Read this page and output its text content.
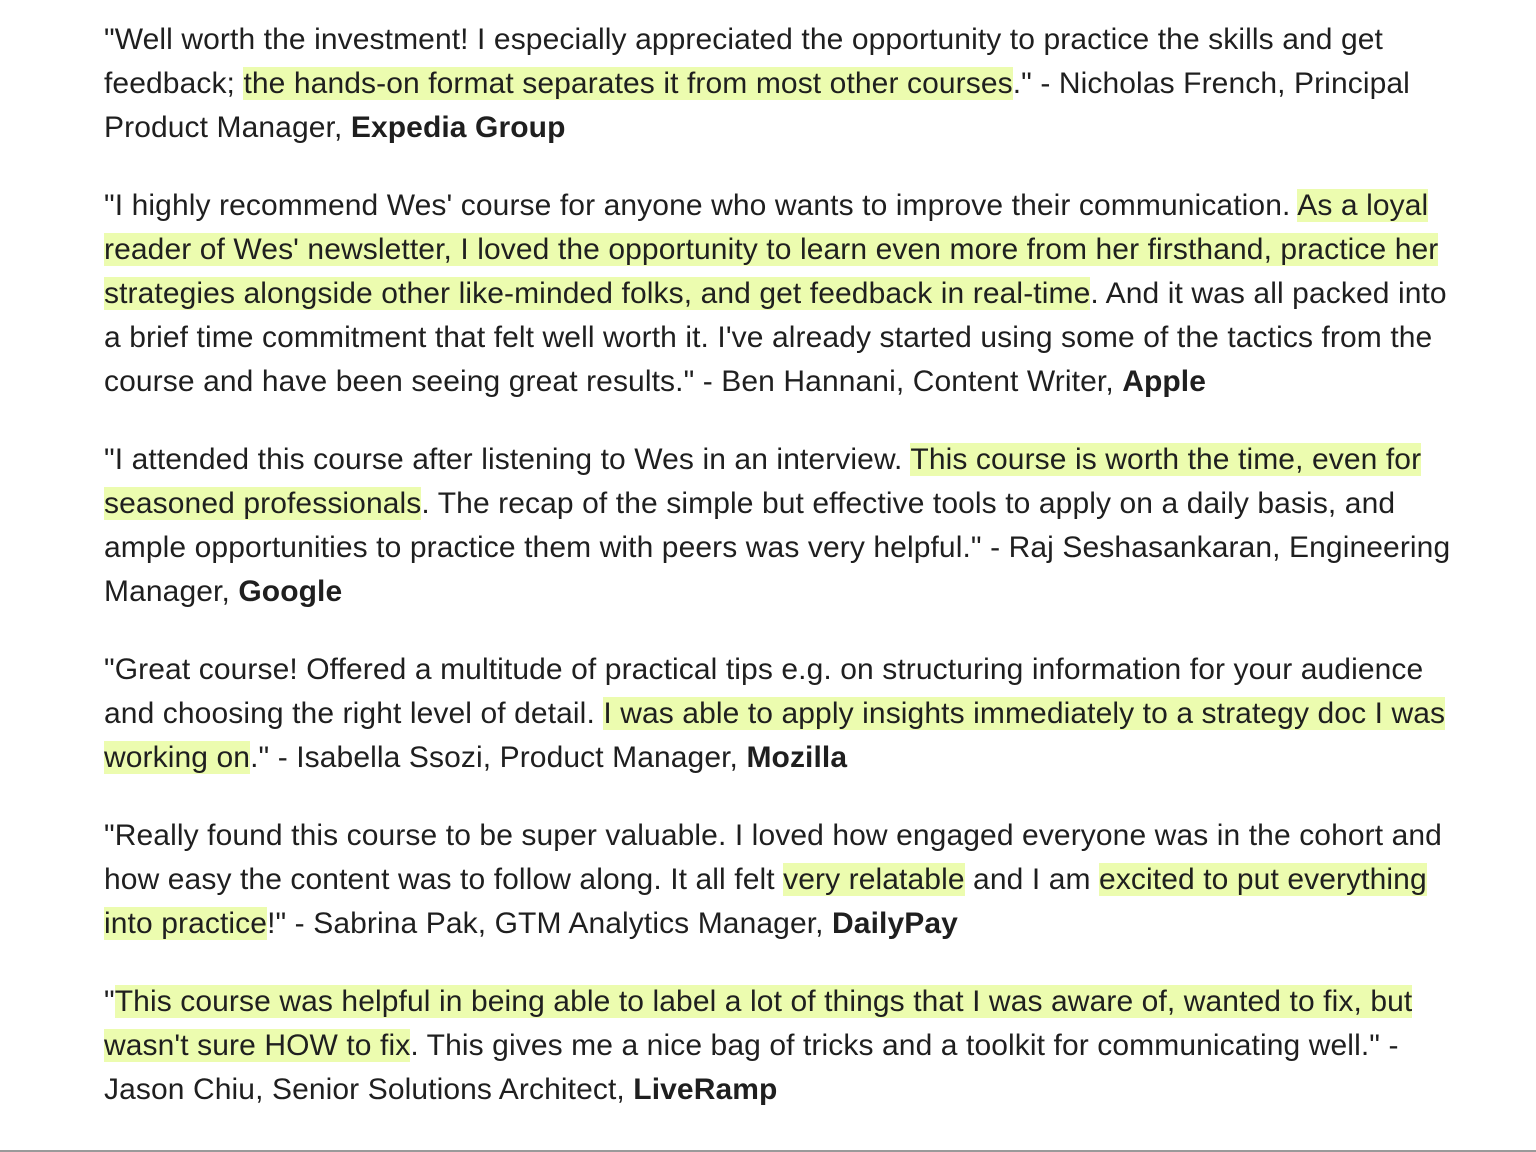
"Well worth the investment! I especially appreciated the opportunity to practice the skills and get feedback; the hands-on format separates it from most other courses." - Nicholas French, Principal Product Manager, Expedia Group

"I highly recommend Wes' course for anyone who wants to improve their communication. As a loyal reader of Wes' newsletter, I loved the opportunity to learn even more from her firsthand, practice her strategies alongside other like-minded folks, and get feedback in real-time. And it was all packed into a brief time commitment that felt well worth it. I've already started using some of the tactics from the course and have been seeing great results." - Ben Hannani, Content Writer, Apple

"I attended this course after listening to Wes in an interview. This course is worth the time, even for seasoned professionals. The recap of the simple but effective tools to apply on a daily basis, and ample opportunities to practice them with peers was very helpful." - Raj Seshasankaran, Engineering Manager, Google

"Great course! Offered a multitude of practical tips e.g. on structuring information for your audience and choosing the right level of detail. I was able to apply insights immediately to a strategy doc I was working on." - Isabella Ssozi, Product Manager, Mozilla

"Really found this course to be super valuable. I loved how engaged everyone was in the cohort and how easy the content was to follow along. It all felt very relatable and I am excited to put everything into practice!" - Sabrina Pak, GTM Analytics Manager, DailyPay

"This course was helpful in being able to label a lot of things that I was aware of, wanted to fix, but wasn't sure HOW to fix. This gives me a nice bag of tricks and a toolkit for communicating well." - Jason Chiu, Senior Solutions Architect, LiveRamp
